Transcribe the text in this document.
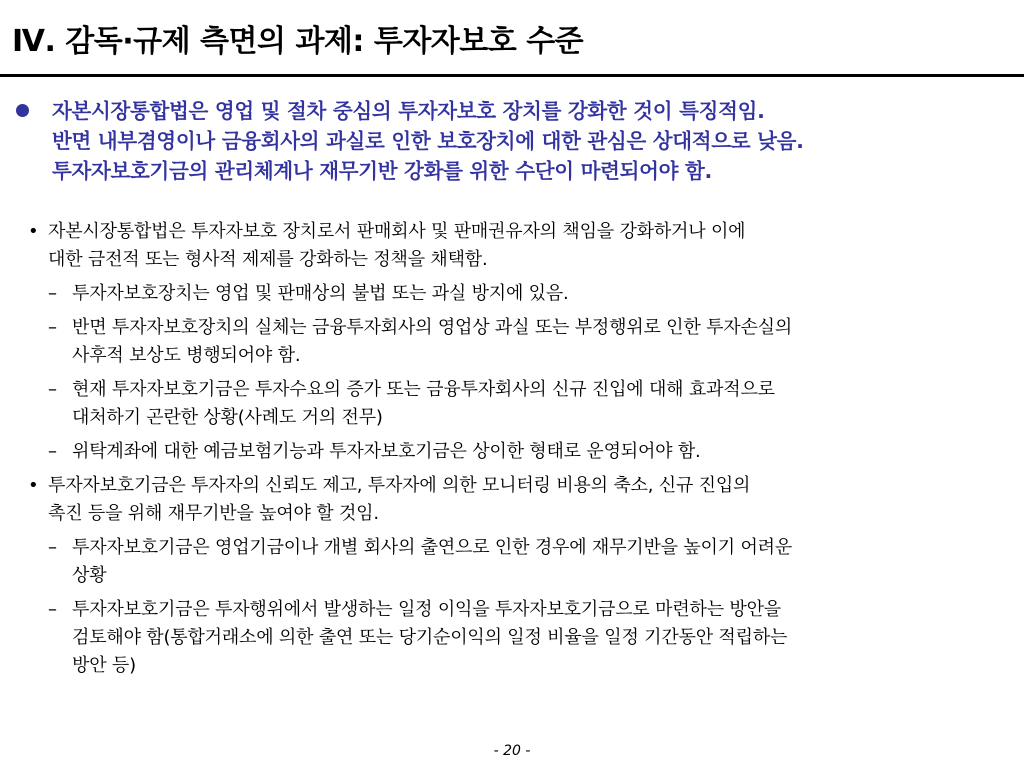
Ⅳ. 감독·규제 측면의 과제: 투자자보호 수준
자본시장통합법은 영업 및 절차 중심의 투자자보호 장치를 강화한 것이 특징적임.
반면 내부겸영이나 금융회사의 과실로 인한 보호장치에 대한 관심은 상대적으로 낮음.
투자자보호기금의 관리체계나 재무기반 강화를 위한 수단이 마련되어야 함.
• 자본시장통합법은 투자자보호 장치로서 판매회사 및 판매권유자의 책임을 강화하거나 이에
대한 금전적 또는 형사적 제제를 강화하는 정책을 채택함.
– 투자자보호장치는 영업 및 판매상의 불법 또는 과실 방지에 있음.
– 반면 투자자보호장치의 실체는 금융투자회사의 영업상 과실 또는 부정행위로 인한 투자손실의
사후적 보상도 병행되어야 함.
– 현재 투자자보호기금은 투자수요의 증가 또는 금융투자회사의 신규 진입에 대해 효과적으로
대처하기 곤란한 상황(사례도 거의 전무)
– 위탁계좌에 대한 예금보험기능과 투자자보호기금은 상이한 형태로 운영되어야 함.
• 투자자보호기금은 투자자의 신뢰도 제고, 투자자에 의한 모니터링 비용의 축소, 신규 진입의
촉진 등을 위해 재무기반을 높여야 할 것임.
– 투자자보호기금은 영업기금이나 개별 회사의 출연으로 인한 경우에 재무기반을 높이기 어려운
상황
– 투자자보호기금은 투자행위에서 발생하는 일정 이익을 투자자보호기금으로 마련하는 방안을
검토해야 함(통합거래소에 의한 출연 또는 당기순이익의 일정 비율을 일정 기간동안 적립하는
방안 등)
- 20 -
